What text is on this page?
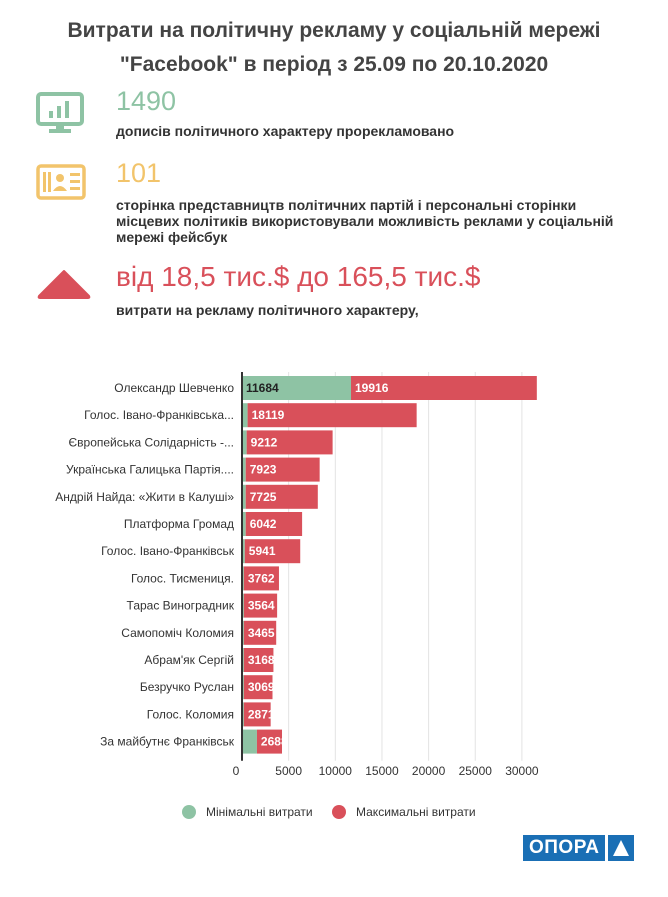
Витрати на політичну рекламу у соціальній мережі
"Facebook" в період з 25.09 по 20.10.2020
1490
дописів політичного характеру прорекламовано
101
сторінка представництв політичних партій і персональні сторінки
місцевих політиків використовували можливість реклами у соціальній
мережі фейсбук
від 18,5 тис.$ до 165,5 тис.$
витрати на рекламу політичного характеру,
0	5000 10000 15000 20000 25000 30000
Олександр Шевченко 11684	19916
Голос. Івано-Франківська... 18119
Європейська Солідарність -... 9212
Українська Галицька Партія.... 7923
Андрій Найда: «Жити в Калуші» 7725
Платформа Громад 6042
Голос. Івано-Франківськ 5941
Голос. Тисмениця. 3762
Тарас Виноградник 3564
Самопоміч Коломия 3465
Абрам'як Сергій 3168
Безручко Руслан 3069
Голос. Коломия 2871
За майбутнє Франківськ 2688
Мінімальні витрати	Максимальні витрати
ОПОРА
